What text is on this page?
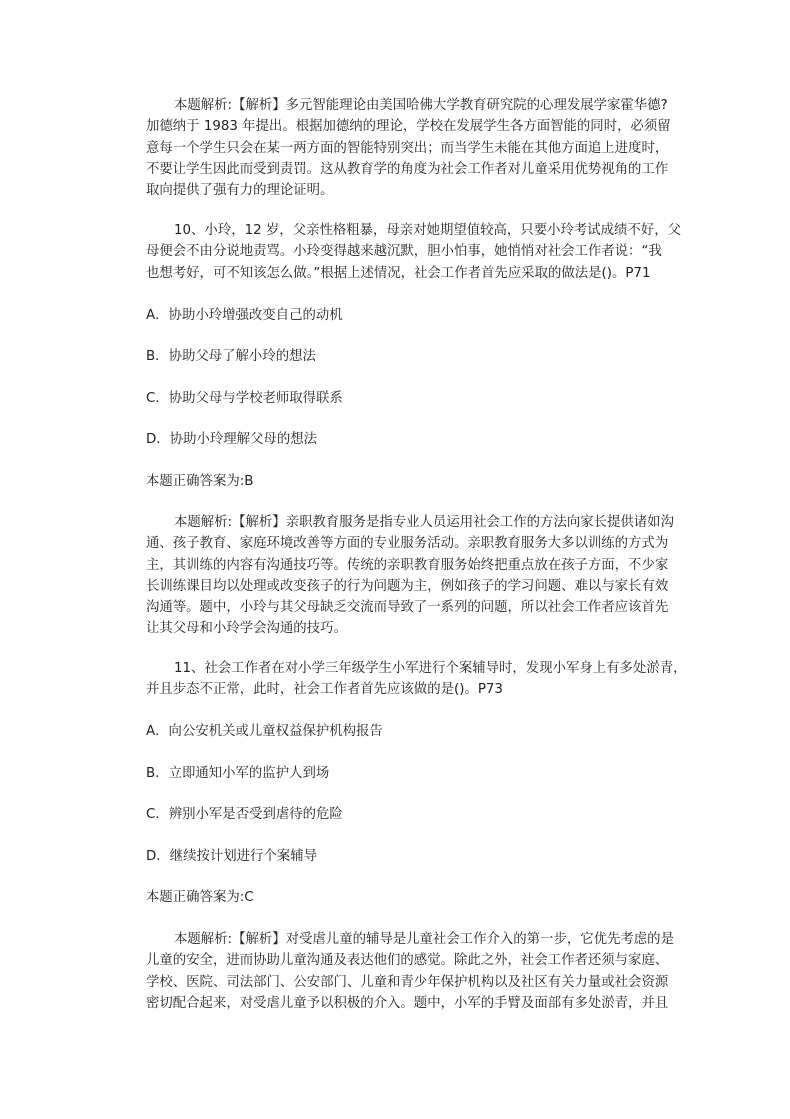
本题解析:【解析】多元智能理论由美国哈佛大学教育研究院的心理发展学家霍华德?
加德纳于 1983 年提出。根据加德纳的理论，学校在发展学生各方面智能的同时，必须留
意每一个学生只会在某一两方面的智能特别突出；而当学生未能在其他方面追上进度时，
不要让学生因此而受到责罚。这从教育学的角度为社会工作者对儿童采用优势视角的工作
取向提供了强有力的理论证明。
10、小玲，12 岁，父亲性格粗暴，母亲对她期望值较高，只要小玲考试成绩不好，父
母便会不由分说地责骂。小玲变得越来越沉默，胆小怕事，她悄悄对社会工作者说：“我
也想考好，可不知该怎么做。”根据上述情况，社会工作者首先应采取的做法是()。P71

A．协助小玲增强改变自己的动机

B．协助父母了解小玲的想法

C．协助父母与学校老师取得联系

D．协助小玲理解父母的想法

本题正确答案为:B

本题解析:【解析】亲职教育服务是指专业人员运用社会工作的方法向家长提供诸如沟
通、孩子教育、家庭环境改善等方面的专业服务活动。亲职教育服务大多以训练的方式为
主，其训练的内容有沟通技巧等。传统的亲职教育服务始终把重点放在孩子方面，不少家
长训练课目均以处理或改变孩子的行为问题为主，例如孩子的学习问题、难以与家长有效
沟通等。题中，小玲与其父母缺乏交流而导致了一系列的问题，所以社会工作者应该首先
让其父母和小玲学会沟通的技巧。
11、社会工作者在对小学三年级学生小军进行个案辅导时，发现小军身上有多处淤青，
并且步态不正常，此时，社会工作者首先应该做的是()。P73

A．向公安机关或儿童权益保护机构报告

B．立即通知小军的监护人到场

C．辨别小军是否受到虐待的危险

D．继续按计划进行个案辅导

本题正确答案为:C

本题解析:【解析】对受虐儿童的辅导是儿童社会工作介入的第一步，它优先考虑的是
儿童的安全，进而协助儿童沟通及表达他们的感觉。除此之外，社会工作者还须与家庭、
学校、医院、司法部门、公安部门、儿童和青少年保护机构以及社区有关力量或社会资源
密切配合起来，对受虐儿童予以积极的介入。题中，小军的手臂及面部有多处淤青，并且
